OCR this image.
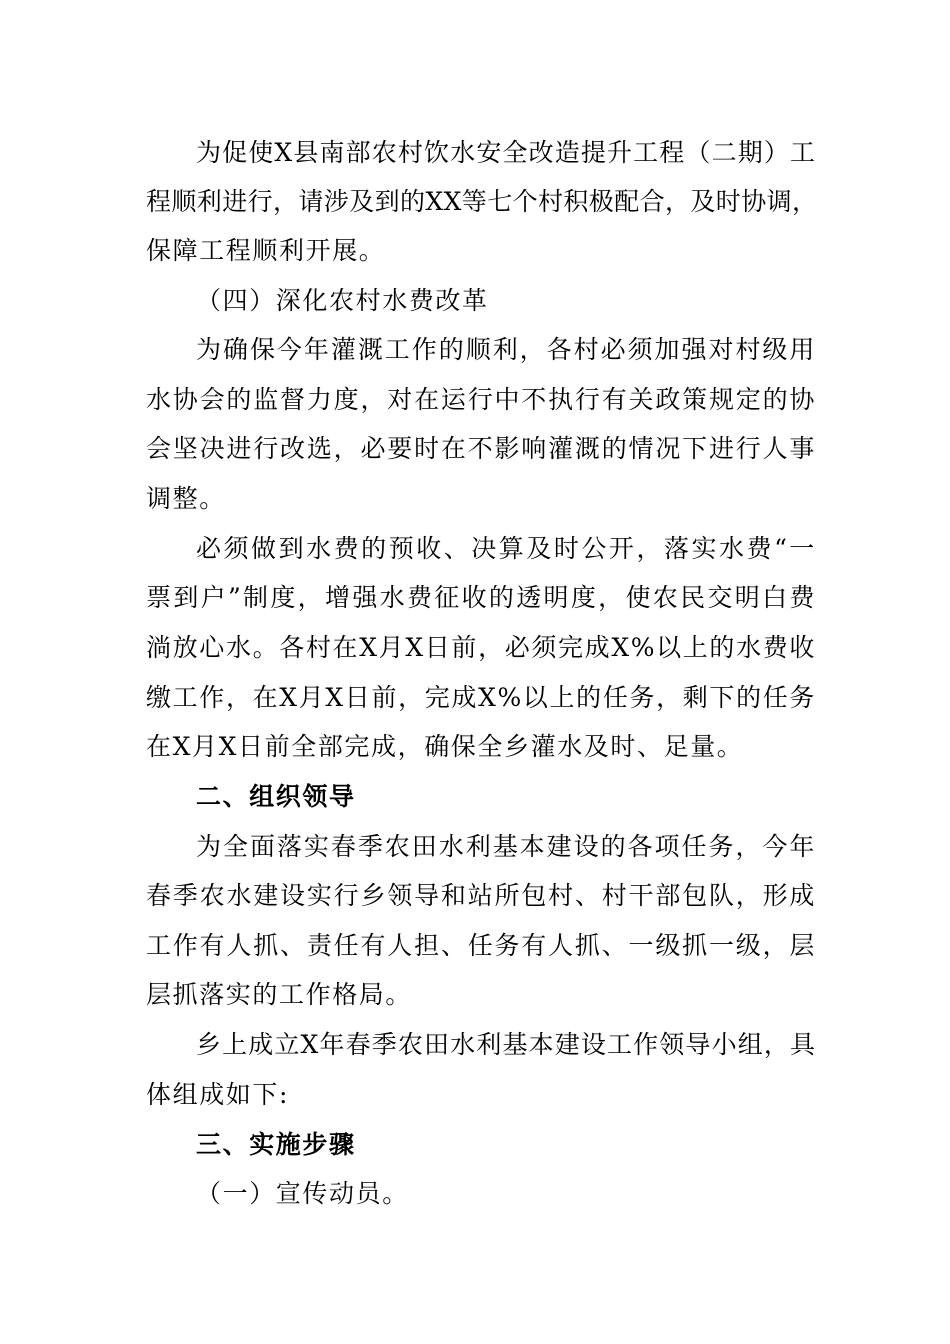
为促使X县南部农村饮水安全改造提升工程（二期）工
程顺利进行，请涉及到的XX等七个村积极配合，及时协调，
保障工程顺利开展。
（四）深化农村水费改革
为确保今年灌溉工作的顺利，各村必须加强对村级用
水协会的监督力度，对在运行中不执行有关政策规定的协
会坚决进行改选，必要时在不影响灌溉的情况下进行人事
调整。
必须做到水费的预收、决算及时公开，落实水费“一
票到户”制度，增强水费征收的透明度，使农民交明白费
淌放心水。各村在X月X日前，必须完成X%以上的水费收
缴工作，在X月X日前，完成X%以上的任务，剩下的任务
在X月X日前全部完成，确保全乡灌水及时、足量。
二、组织领导
为全面落实春季农田水利基本建设的各项任务，今年
春季农水建设实行乡领导和站所包村、村干部包队，形成
工作有人抓、责任有人担、任务有人抓、一级抓一级，层
层抓落实的工作格局。
乡上成立X年春季农田水利基本建设工作领导小组，具
体组成如下:
三、实施步骤
（一）宣传动员。
